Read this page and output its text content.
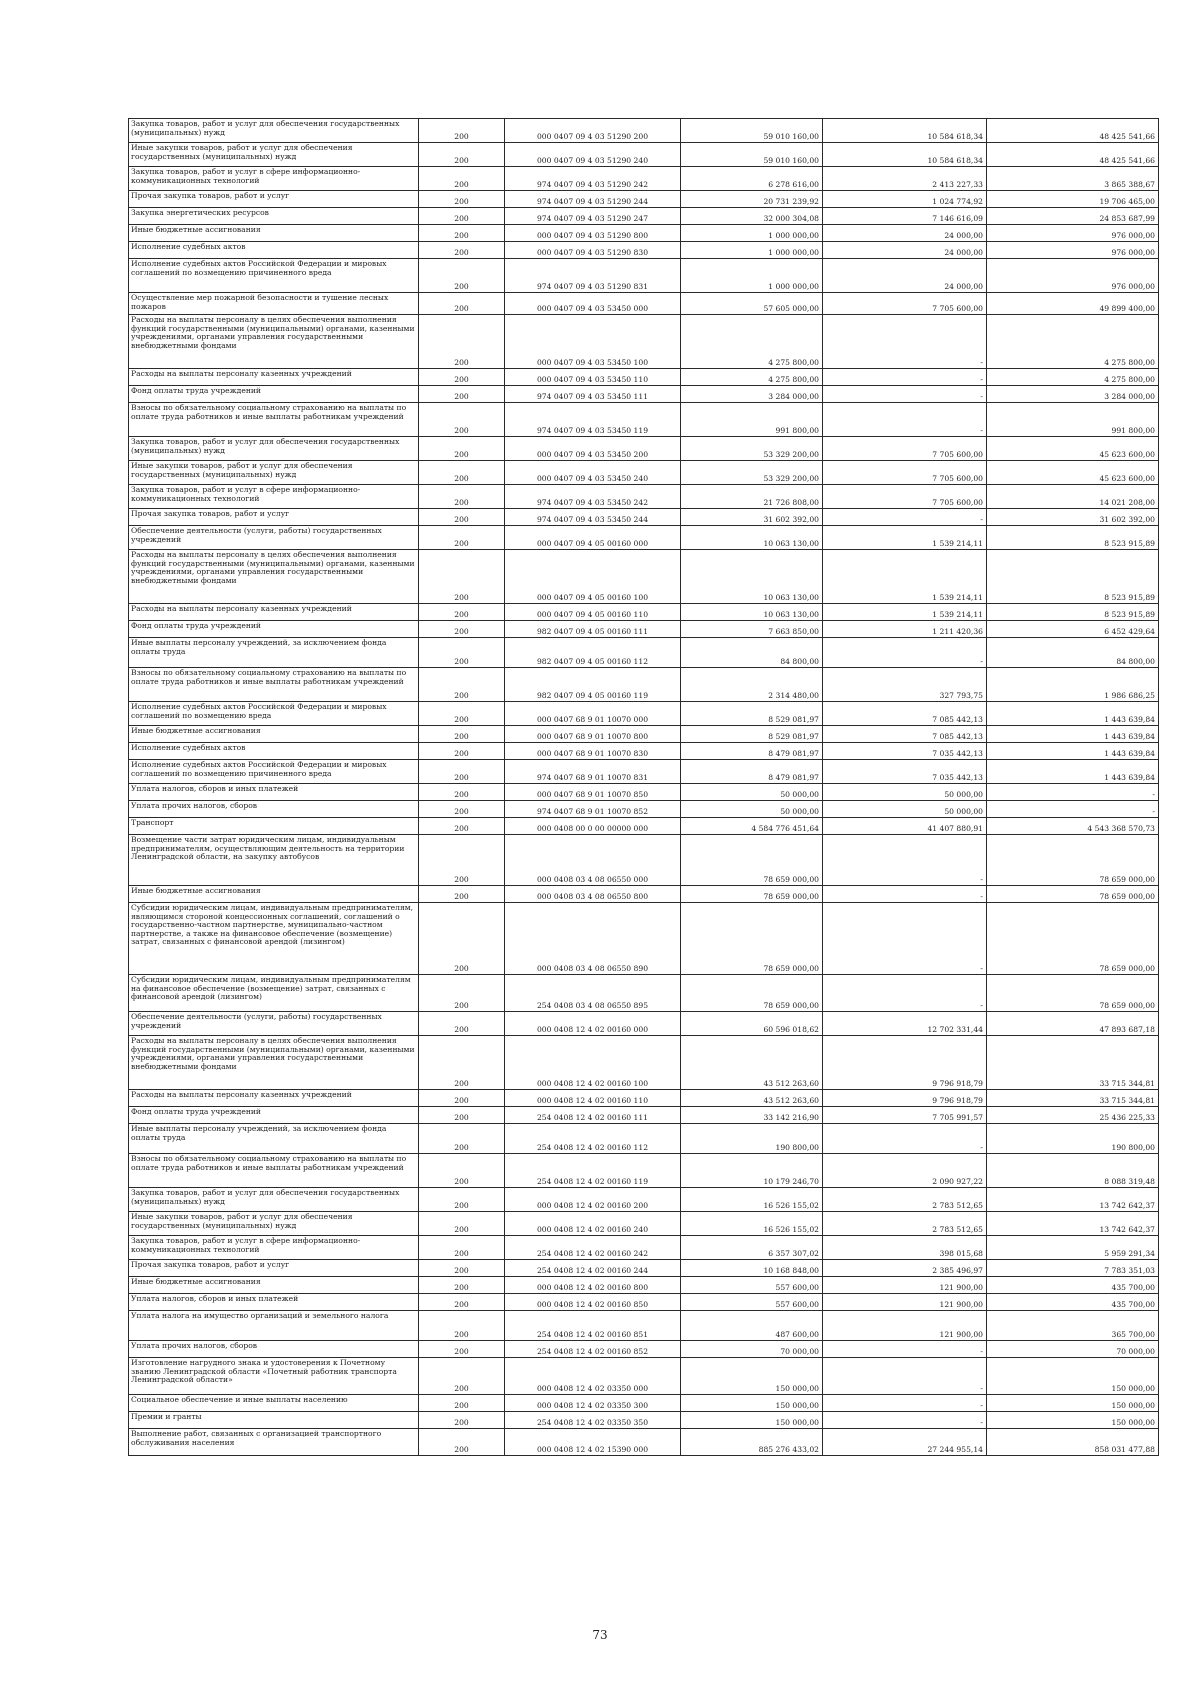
Закупка товаров, работ и услуг для обеспечения государственных (муниципальных) нужд	200	000 0407 09 4 03 51290 200	59 010 160,00	10 584 618,34	48 425 541,66
Иные закупки товаров, работ и услуг для обеспечения государственных (муниципальных) нужд	200	000 0407 09 4 03 51290 240	59 010 160,00	10 584 618,34	48 425 541,66
Закупка товаров, работ и услуг в сфере информационно-коммуникационных технологий	200	974 0407 09 4 03 51290 242	6 278 616,00	2 413 227,33	3 865 388,67
Прочая закупка товаров, работ и услуг	200	974 0407 09 4 03 51290 244	20 731 239,92	1 024 774,92	19 706 465,00
Закупка энергетических ресурсов	200	974 0407 09 4 03 51290 247	32 000 304,08	7 146 616,09	24 853 687,99
Иные бюджетные ассигнования	200	000 0407 09 4 03 51290 800	1 000 000,00	24 000,00	976 000,00
Исполнение судебных актов	200	000 0407 09 4 03 51290 830	1 000 000,00	24 000,00	976 000,00
Исполнение судебных актов Российской Федерации и мировых соглашений по возмещению причиненного вреда	200	974 0407 09 4 03 51290 831	1 000 000,00	24 000,00	976 000,00
Осуществление мер пожарной безопасности и тушение лесных пожаров	200	000 0407 09 4 03 53450 000	57 605 000,00	7 705 600,00	49 899 400,00
Расходы на выплаты персоналу в целях обеспечения выполнения функций государственными (муниципальными) органами, казенными учреждениями, органами управления государственными внебюджетными фондами	200	000 0407 09 4 03 53450 100	4 275 800,00	-	4 275 800,00
Расходы на выплаты персоналу казенных учреждений	200	000 0407 09 4 03 53450 110	4 275 800,00	-	4 275 800,00
Фонд оплаты труда учреждений	200	974 0407 09 4 03 53450 111	3 284 000,00	-	3 284 000,00
Взносы по обязательному социальному страхованию на выплаты по оплате труда работников и иные выплаты работникам учреждений	200	974 0407 09 4 03 53450 119	991 800,00	-	991 800,00
Закупка товаров, работ и услуг для обеспечения государственных (муниципальных) нужд	200	000 0407 09 4 03 53450 200	53 329 200,00	7 705 600,00	45 623 600,00
Иные закупки товаров, работ и услуг для обеспечения государственных (муниципальных) нужд	200	000 0407 09 4 03 53450 240	53 329 200,00	7 705 600,00	45 623 600,00
Закупка товаров, работ и услуг в сфере информационно-коммуникационных технологий	200	974 0407 09 4 03 53450 242	21 726 808,00	7 705 600,00	14 021 208,00
Прочая закупка товаров, работ и услуг	200	974 0407 09 4 03 53450 244	31 602 392,00	-	31 602 392,00
Обеспечение деятельности (услуги, работы) государственных учреждений	200	000 0407 09 4 05 00160 000	10 063 130,00	1 539 214,11	8 523 915,89
Расходы на выплаты персоналу в целях обеспечения выполнения функций государственными (муниципальными) органами, казенными учреждениями, органами управления государственными внебюджетными фондами	200	000 0407 09 4 05 00160 100	10 063 130,00	1 539 214,11	8 523 915,89
Расходы на выплаты персоналу казенных учреждений	200	000 0407 09 4 05 00160 110	10 063 130,00	1 539 214,11	8 523 915,89
Фонд оплаты труда учреждений	200	982 0407 09 4 05 00160 111	7 663 850,00	1 211 420,36	6 452 429,64
Иные выплаты персоналу учреждений, за исключением фонда оплаты труда	200	982 0407 09 4 05 00160 112	84 800,00	-	84 800,00
Взносы по обязательному социальному страхованию на выплаты по оплате труда работников и иные выплаты работникам учреждений	200	982 0407 09 4 05 00160 119	2 314 480,00	327 793,75	1 986 686,25
Исполнение судебных актов Российской Федерации и мировых соглашений по возмещению вреда	200	000 0407 68 9 01 10070 000	8 529 081,97	7 085 442,13	1 443 639,84
Иные бюджетные ассигнования	200	000 0407 68 9 01 10070 800	8 529 081,97	7 085 442,13	1 443 639,84
Исполнение судебных актов	200	000 0407 68 9 01 10070 830	8 479 081,97	7 035 442,13	1 443 639,84
Исполнение судебных актов Российской Федерации и мировых соглашений по возмещению причиненного вреда	200	974 0407 68 9 01 10070 831	8 479 081,97	7 035 442,13	1 443 639,84
Уплата налогов, сборов и иных платежей	200	000 0407 68 9 01 10070 850	50 000,00	50 000,00	-
Уплата прочих налогов, сборов	200	974 0407 68 9 01 10070 852	50 000,00	50 000,00	-
Транспорт	200	000 0408 00 0 00 00000 000	4 584 776 451,64	41 407 880,91	4 543 368 570,73
Возмещение части затрат юридическим лицам, индивидуальным предпринимателям, осуществляющим деятельность на территории Ленинградской области, на закупку автобусов	200	000 0408 03 4 08 06550 000	78 659 000,00	-	78 659 000,00
Иные бюджетные ассигнования	200	000 0408 03 4 08 06550 800	78 659 000,00	-	78 659 000,00
Субсидии юридическим лицам, индивидуальным предпринимателям, являющимся стороной концессионных соглашений, соглашений о государственно-частном партнерстве, муниципально-частном партнерстве, а также на финансовое обеспечение (возмещение) затрат, связанных с финансовой арендой (лизингом)	200	000 0408 03 4 08 06550 890	78 659 000,00	-	78 659 000,00
Субсидии юридическим лицам, индивидуальным предпринимателям на финансовое обеспечение (возмещение) затрат, связанных с финансовой арендой (лизингом)	200	254 0408 03 4 08 06550 895	78 659 000,00	-	78 659 000,00
Обеспечение деятельности (услуги, работы) государственных учреждений	200	000 0408 12 4 02 00160 000	60 596 018,62	12 702 331,44	47 893 687,18
Расходы на выплаты персоналу в целях обеспечения выполнения функций государственными (муниципальными) органами, казенными учреждениями, органами управления государственными внебюджетными фондами	200	000 0408 12 4 02 00160 100	43 512 263,60	9 796 918,79	33 715 344,81
Расходы на выплаты персоналу казенных учреждений	200	000 0408 12 4 02 00160 110	43 512 263,60	9 796 918,79	33 715 344,81
Фонд оплаты труда учреждений	200	254 0408 12 4 02 00160 111	33 142 216,90	7 705 991,57	25 436 225,33
Иные выплаты персоналу учреждений, за исключением фонда оплаты труда	200	254 0408 12 4 02 00160 112	190 800,00	-	190 800,00
Взносы по обязательному социальному страхованию на выплаты по оплате труда работников и иные выплаты работникам учреждений	200	254 0408 12 4 02 00160 119	10 179 246,70	2 090 927,22	8 088 319,48
Закупка товаров, работ и услуг для обеспечения государственных (муниципальных) нужд	200	000 0408 12 4 02 00160 200	16 526 155,02	2 783 512,65	13 742 642,37
Иные закупки товаров, работ и услуг для обеспечения государственных (муниципальных) нужд	200	000 0408 12 4 02 00160 240	16 526 155,02	2 783 512,65	13 742 642,37
Закупка товаров, работ и услуг в сфере информационно-коммуникационных технологий	200	254 0408 12 4 02 00160 242	6 357 307,02	398 015,68	5 959 291,34
Прочая закупка товаров, работ и услуг	200	254 0408 12 4 02 00160 244	10 168 848,00	2 385 496,97	7 783 351,03
Иные бюджетные ассигнования	200	000 0408 12 4 02 00160 800	557 600,00	121 900,00	435 700,00
Уплата налогов, сборов и иных платежей	200	000 0408 12 4 02 00160 850	557 600,00	121 900,00	435 700,00
Уплата налога на имущество организаций и земельного налога	200	254 0408 12 4 02 00160 851	487 600,00	121 900,00	365 700,00
Уплата прочих налогов, сборов	200	254 0408 12 4 02 00160 852	70 000,00	-	70 000,00
Изготовление нагрудного знака и удостоверения к Почетному званию Ленинградской области «Почетный работник транспорта Ленинградской области»	200	000 0408 12 4 02 03350 000	150 000,00	-	150 000,00
Социальное обеспечение и иные выплаты населению	200	000 0408 12 4 02 03350 300	150 000,00	-	150 000,00
Премии и гранты	200	254 0408 12 4 02 03350 350	150 000,00	-	150 000,00
Выполнение работ, связанных с организацией транспортного обслуживания населения	200	000 0408 12 4 02 15390 000	885 276 433,02	27 244 955,14	858 031 477,88
73
